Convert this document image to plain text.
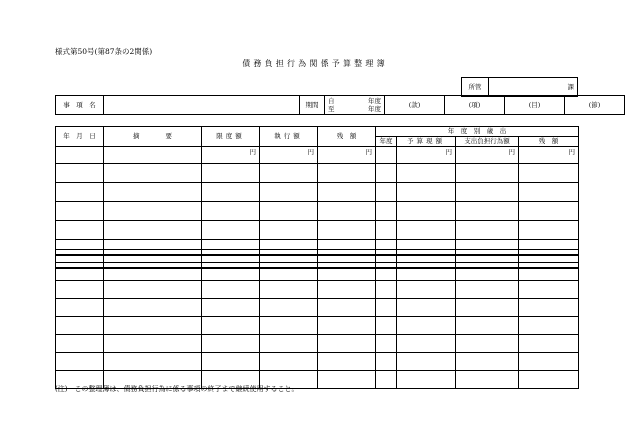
様式第50号(第87条の2関係)
債務負担行為関係予算整理簿
所管	課
事　項　名		期間	
自	年度
至	年度
	(款)	(項)	(目)	(節)
年　月　日	摘　　　　要	限度額	執行額	残　額	年　度　別　歳　出			
					年度	予算現額	支出負担行為額	残　額
		円	円	円		円	円	円

(注)　この整理簿は、債務負担行為に係る事項の終了まで継続使用すること。
